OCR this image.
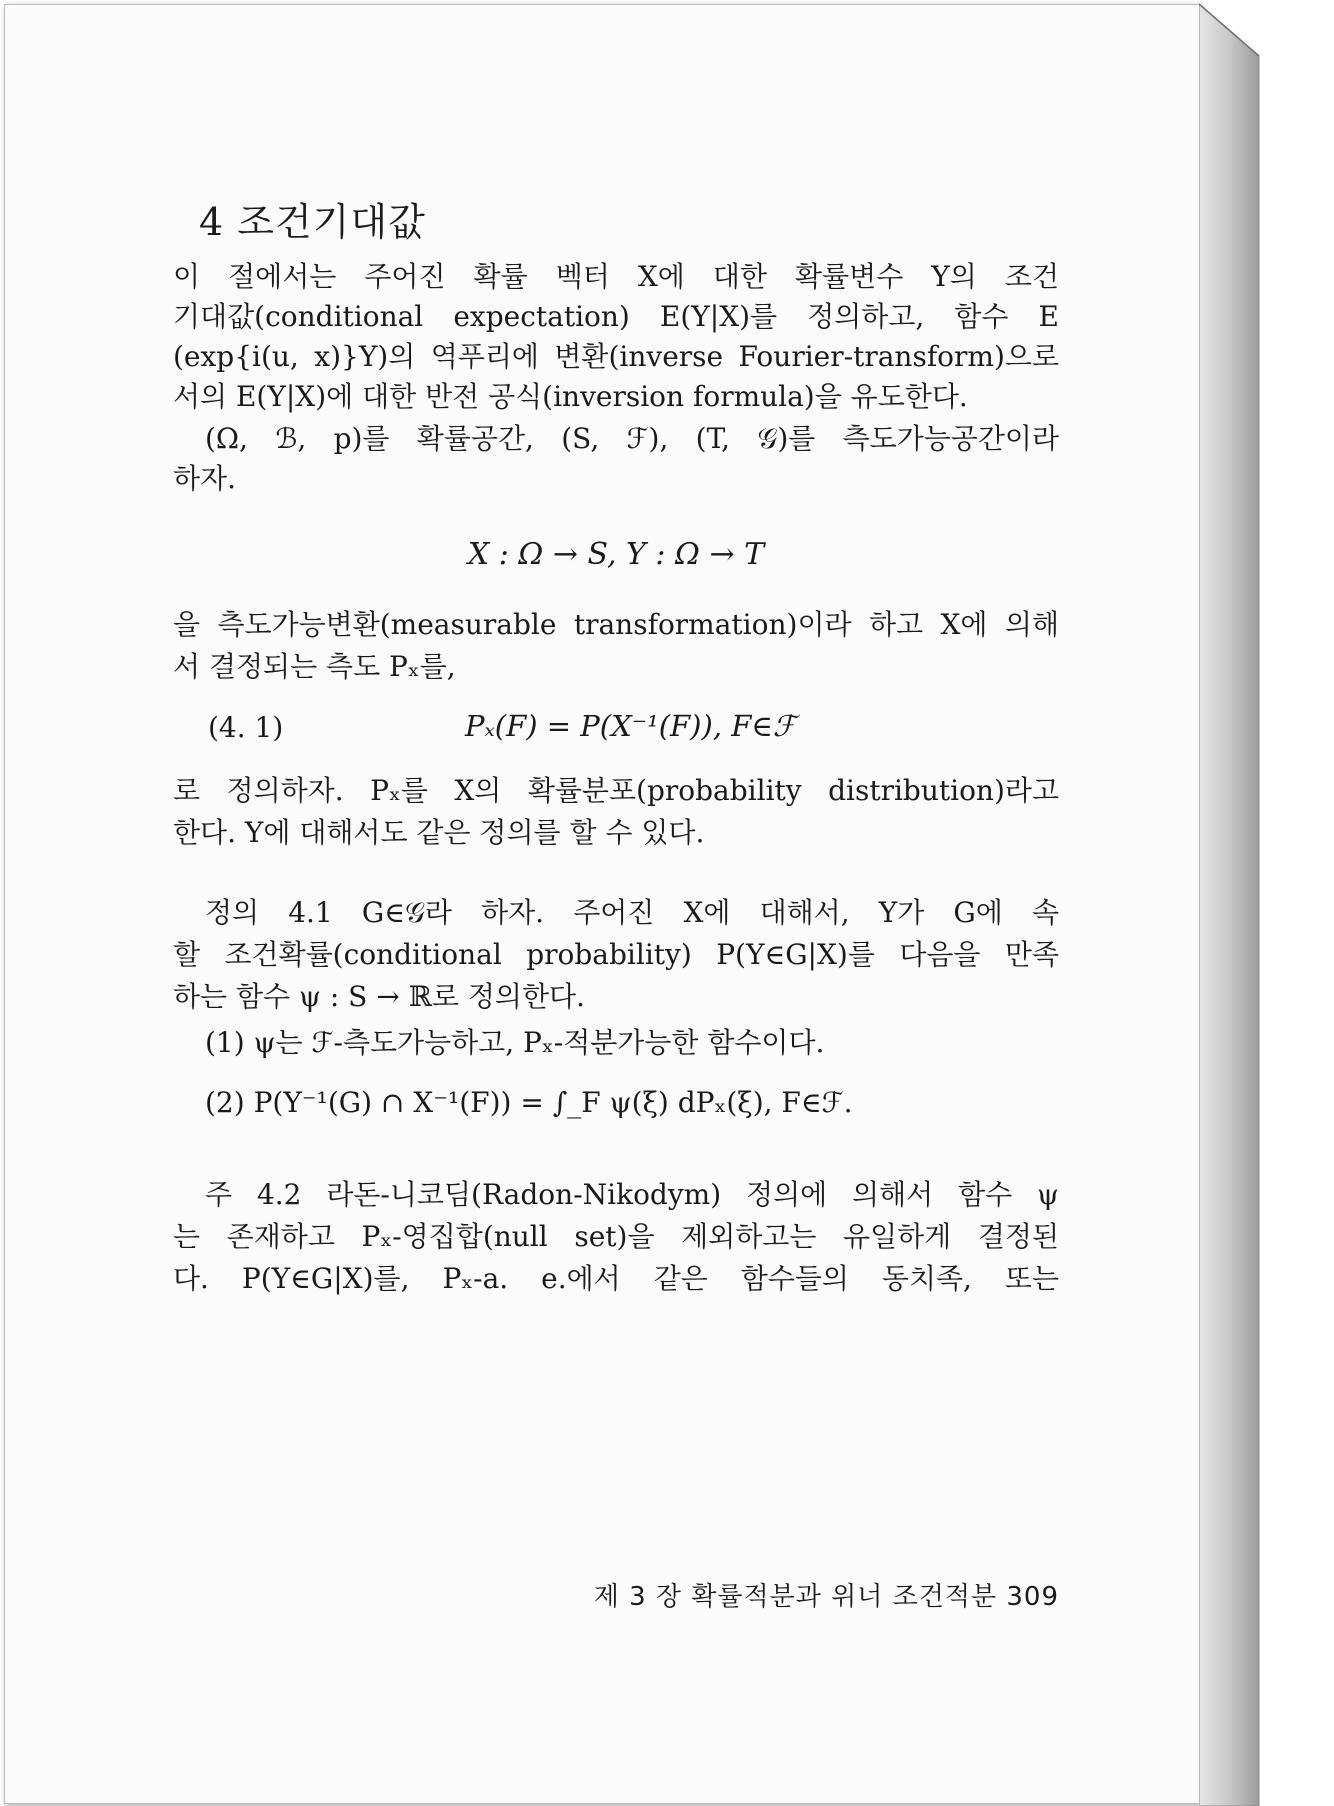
4 조건기대값
이 절에서는 주어진 확률 벡터 X에 대한 확률변수 Y의 조건
기대값(conditional expectation) E(Y|X)를 정의하고, 함수 E
(exp{i(u, x)}Y)의 역푸리에 변환(inverse Fourier-transform)으로
서의 E(Y|X)에 대한 반전 공식(inversion formula)을 유도한다.
(Ω, ℬ, p)를 확률공간, (S, ℱ), (T, 𝒢)를 측도가능공간이라
하자.
X : Ω → S, Y : Ω → T
을 측도가능변환(measurable transformation)이라 하고 X에 의해
서 결정되는 측도 Pₓ를,
(4. 1)	Pₓ(F) = P(X⁻¹(F)), F∈ℱ
로 정의하자. Pₓ를 X의 확률분포(probability distribution)라고
한다. Y에 대해서도 같은 정의를 할 수 있다.
정의 4.1 G∈𝒢라 하자. 주어진 X에 대해서, Y가 G에 속
할 조건확률(conditional probability) P(Y∈G|X)를 다음을 만족
하는 함수 ψ : S → ℝ로 정의한다.
(1) ψ는 ℱ-측도가능하고, Pₓ-적분가능한 함수이다.
(2) P(Y⁻¹(G) ∩ X⁻¹(F)) = ∫_F ψ(ξ) dPₓ(ξ), F∈ℱ.
주 4.2 라돈-니코딤(Radon-Nikodym) 정의에 의해서 함수 ψ
는 존재하고 Pₓ-영집합(null set)을 제외하고는 유일하게 결정된
다. P(Y∈G|X)를, Pₓ-a. e.에서 같은 함수들의 동치족, 또는
제 3 장 확률적분과 위너 조건적분 309
